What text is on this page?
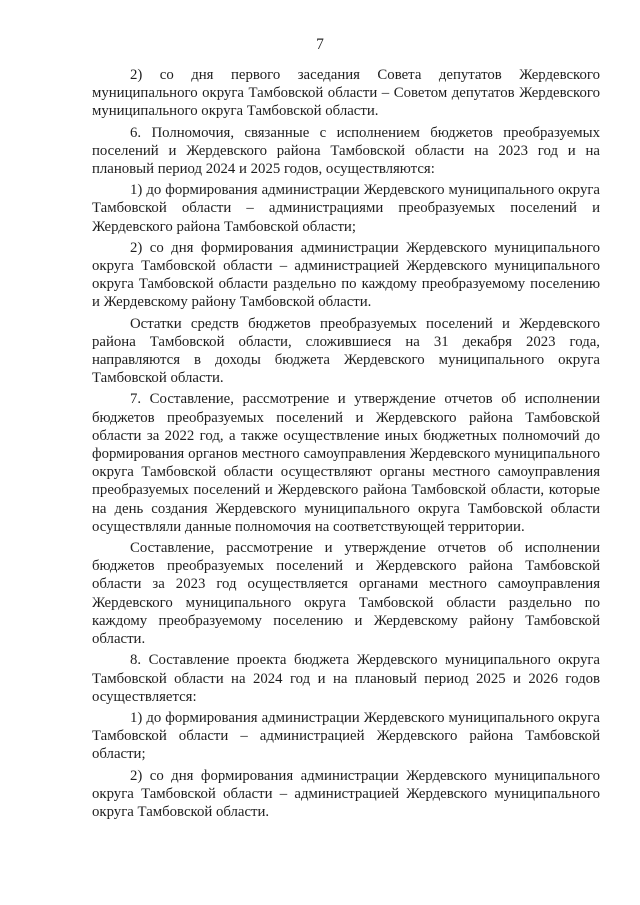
7

2) со дня первого заседания Совета депутатов Жердевского муниципального округа Тамбовской области – Советом депутатов Жердевского муниципального округа Тамбовской области.

6. Полномочия, связанные с исполнением бюджетов преобразуемых поселений и Жердевского района Тамбовской области на 2023 год и на плановый период 2024 и 2025 годов, осуществляются:

1) до формирования администрации Жердевского муниципального округа Тамбовской области – администрациями преобразуемых поселений и Жердевского района Тамбовской области;

2) со дня формирования администрации Жердевского муниципального округа Тамбовской области – администрацией Жердевского муниципального округа Тамбовской области раздельно по каждому преобразуемому поселению и Жердевскому району Тамбовской области.

Остатки средств бюджетов преобразуемых поселений и Жердевского района Тамбовской области, сложившиеся на 31 декабря 2023 года, направляются в доходы бюджета Жердевского муниципального округа Тамбовской области.

7. Составление, рассмотрение и утверждение отчетов об исполнении бюджетов преобразуемых поселений и Жердевского района Тамбовской области за 2022 год, а также осуществление иных бюджетных полномочий до формирования органов местного самоуправления Жердевского муниципального округа Тамбовской области осуществляют органы местного самоуправления преобразуемых поселений и Жердевского района Тамбовской области, которые на день создания Жердевского муниципального округа Тамбовской области осуществляли данные полномочия на соответствующей территории.

Составление, рассмотрение и утверждение отчетов об исполнении бюджетов преобразуемых поселений и Жердевского района Тамбовской области за 2023 год осуществляется органами местного самоуправления Жердевского муниципального округа Тамбовской области раздельно по каждому преобразуемому поселению и Жердевскому району Тамбовской области.

8. Составление проекта бюджета Жердевского муниципального округа Тамбовской области на 2024 год и на плановый период 2025 и 2026 годов осуществляется:

1) до формирования администрации Жердевского муниципального округа Тамбовской области – администрацией Жердевского района Тамбовской области;

2) со дня формирования администрации Жердевского муниципального округа Тамбовской области – администрацией Жердевского муниципального округа Тамбовской области.
